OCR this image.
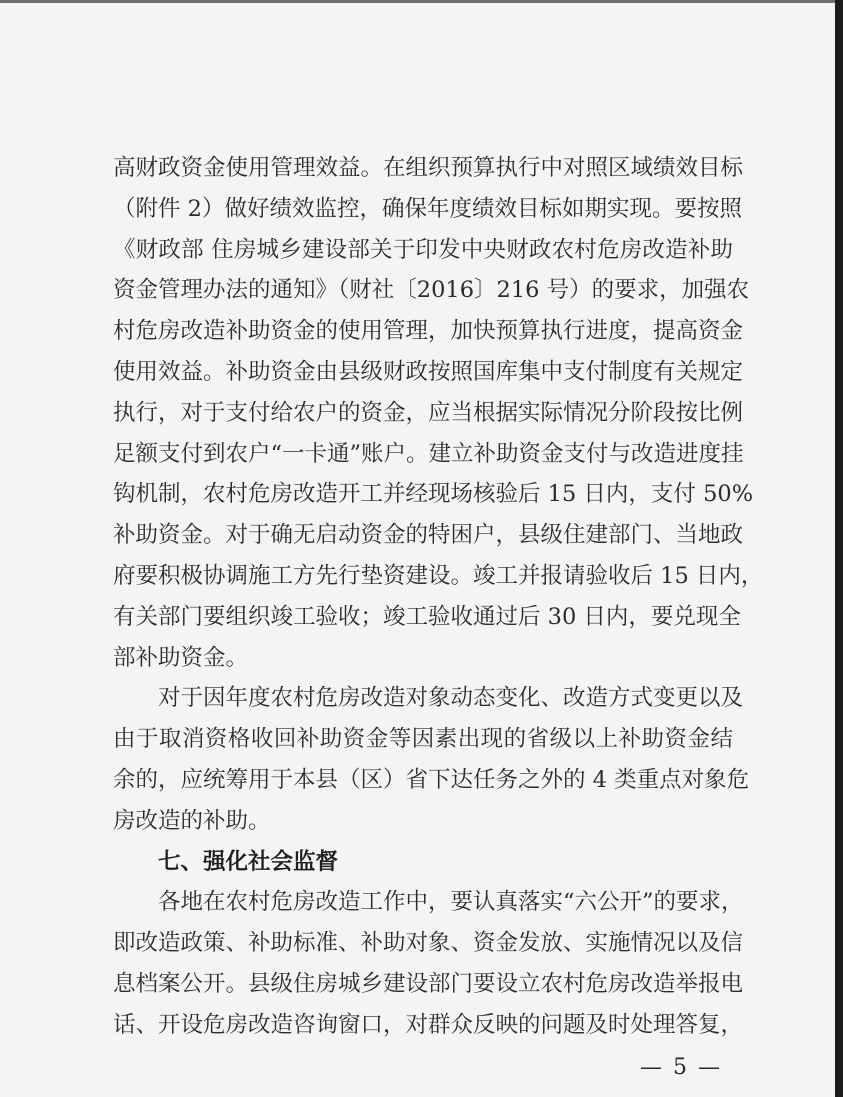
高财政资金使用管理效益。在组织预算执行中对照区域绩效目标
（附件 2）做好绩效监控，确保年度绩效目标如期实现。要按照
《财政部 住房城乡建设部关于印发中央财政农村危房改造补助
资金管理办法的通知》（财社〔2016〕216 号）的要求，加强农
村危房改造补助资金的使用管理，加快预算执行进度，提高资金
使用效益。补助资金由县级财政按照国库集中支付制度有关规定
执行，对于支付给农户的资金，应当根据实际情况分阶段按比例
足额支付到农户“一卡通”账户。建立补助资金支付与改造进度挂
钩机制，农村危房改造开工并经现场核验后 15 日内，支付 50%
补助资金。对于确无启动资金的特困户，县级住建部门、当地政
府要积极协调施工方先行垫资建设。竣工并报请验收后 15 日内，
有关部门要组织竣工验收；竣工验收通过后 30 日内，要兑现全
部补助资金。
对于因年度农村危房改造对象动态变化、改造方式变更以及
由于取消资格收回补助资金等因素出现的省级以上补助资金结
余的，应统筹用于本县（区）省下达任务之外的 4 类重点对象危
房改造的补助。
七、强化社会监督
各地在农村危房改造工作中，要认真落实“六公开”的要求，
即改造政策、补助标准、补助对象、资金发放、实施情况以及信
息档案公开。县级住房城乡建设部门要设立农村危房改造举报电
话、开设危房改造咨询窗口，对群众反映的问题及时处理答复，
— 5 —
